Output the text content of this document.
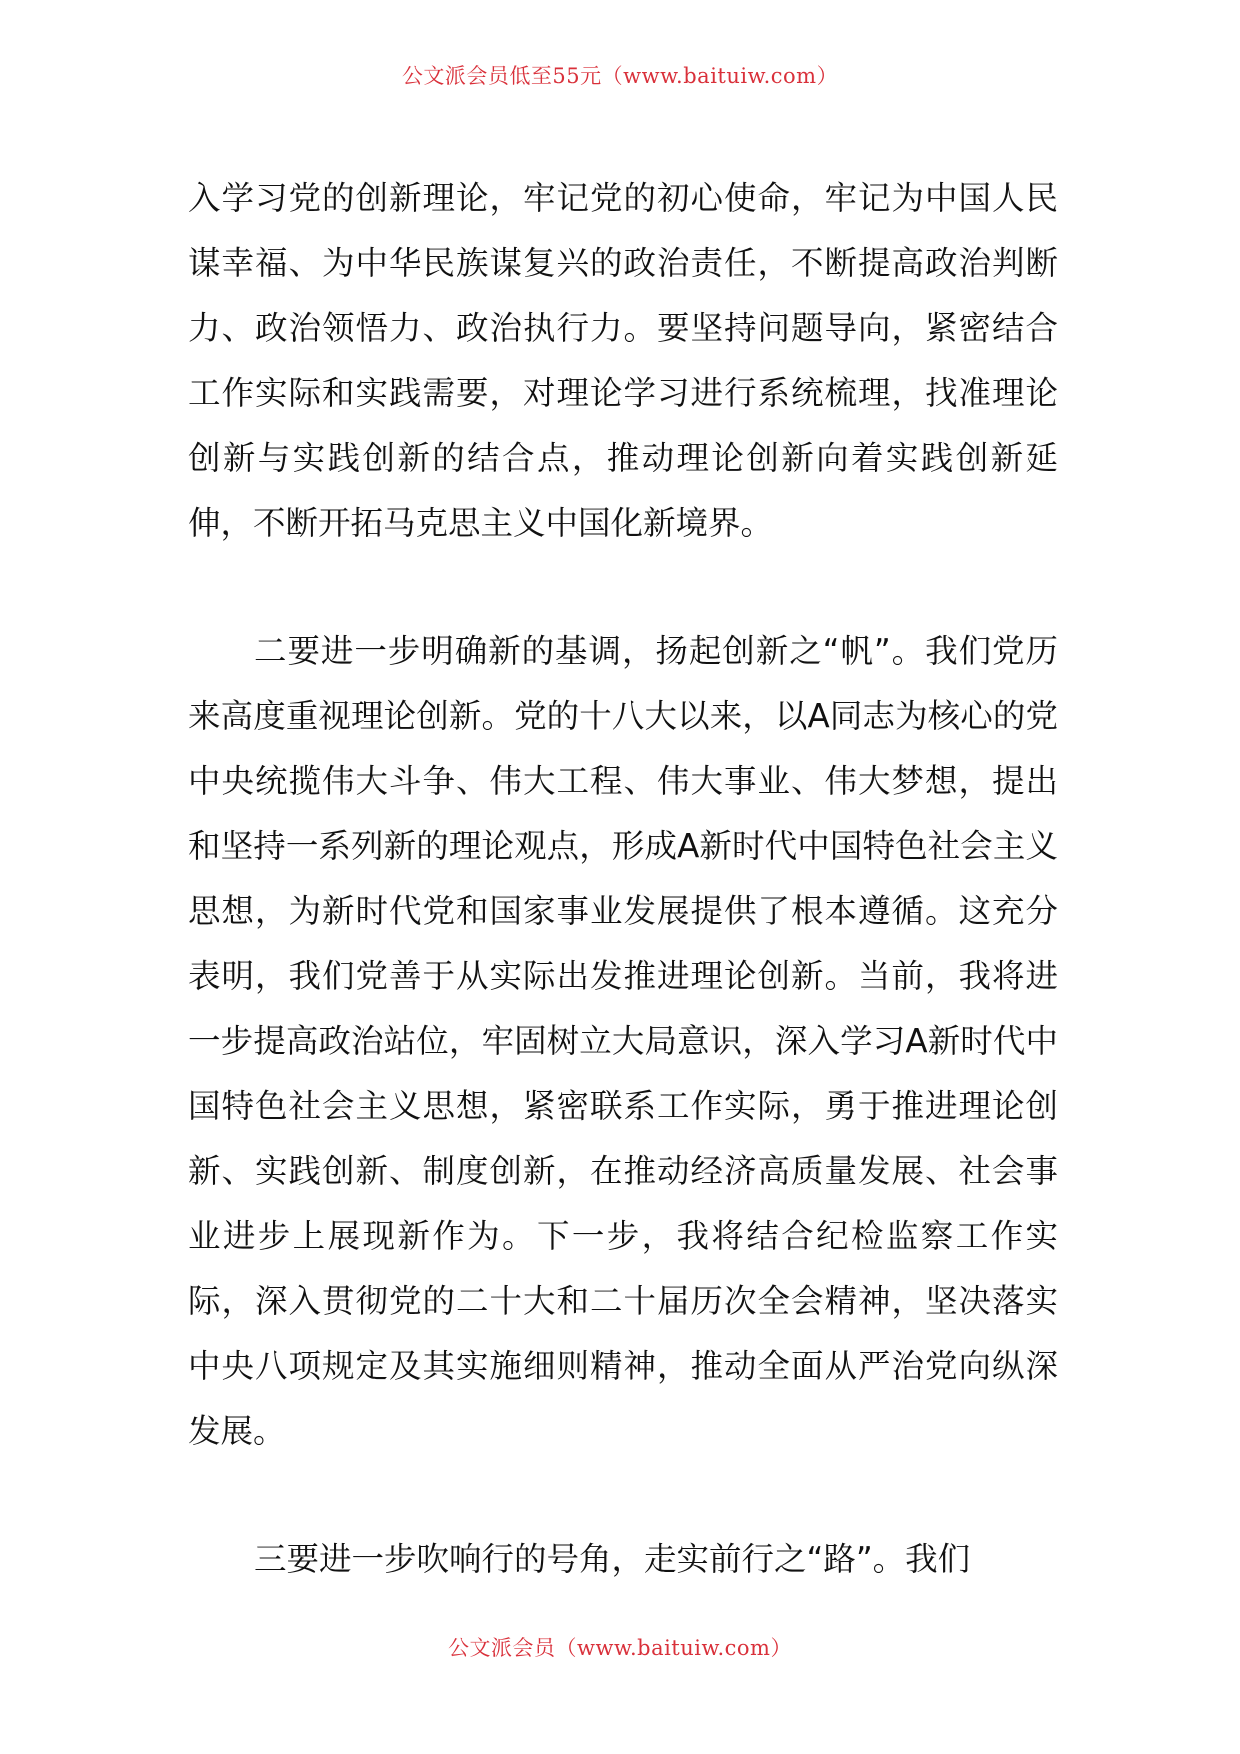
公文派会员低至55元（www.baituiw.com）

入学习党的创新理论，牢记党的初心使命，牢记为中国人民谋幸福、为中华民族谋复兴的政治责任，不断提高政治判断力、政治领悟力、政治执行力。要坚持问题导向，紧密结合工作实际和实践需要，对理论学习进行系统梳理，找准理论创新与实践创新的结合点，推动理论创新向着实践创新延伸，不断开拓马克思主义中国化新境界。

二要进一步明确新的基调，扬起创新之“帆”。我们党历来高度重视理论创新。党的十八大以来，以A同志为核心的党中央统揽伟大斗争、伟大工程、伟大事业、伟大梦想，提出和坚持一系列新的理论观点，形成A新时代中国特色社会主义思想，为新时代党和国家事业发展提供了根本遵循。这充分表明，我们党善于从实际出发推进理论创新。当前，我将进一步提高政治站位，牢固树立大局意识，深入学习A新时代中国特色社会主义思想，紧密联系工作实际，勇于推进理论创新、实践创新、制度创新，在推动经济高质量发展、社会事业进步上展现新作为。下一步，我将结合纪检监察工作实际，深入贯彻党的二十大和二十届历次全会精神，坚决落实中央八项规定及其实施细则精神，推动全面从严治党向纵深发展。

三要进一步吹响行的号角，走实前行之“路”。我们

公文派会员（www.baituiw.com）
